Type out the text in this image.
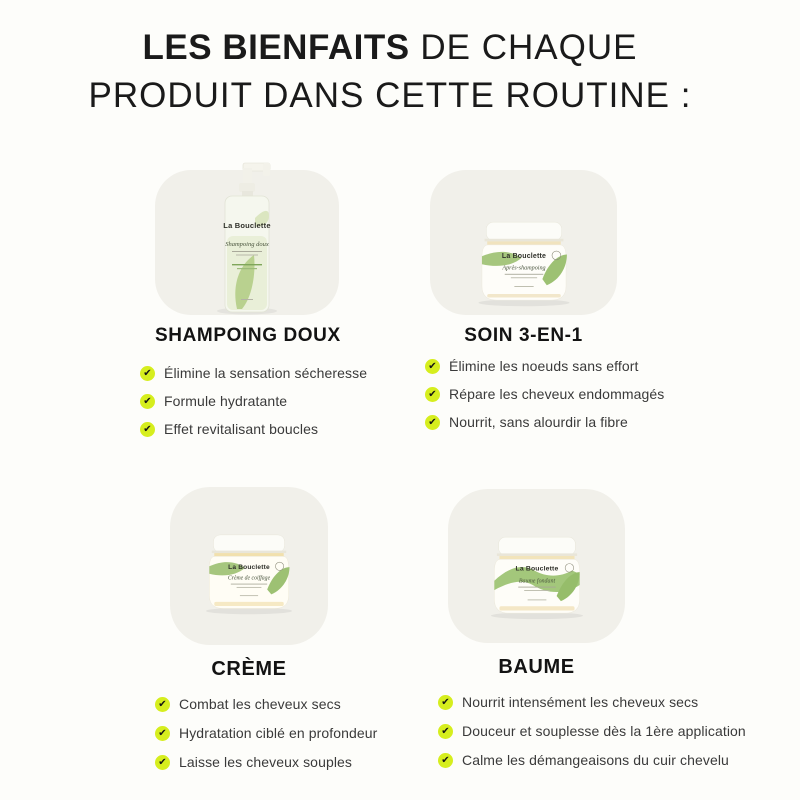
LES BIENFAITS DE CHAQUE
PRODUIT DANS CETTE ROUTINE :
La Bouclette
Shampoing doux
SHAMPOING DOUX
✔ Élimine la sensation sécheresse
✔ Formule hydratante
✔ Effet revitalisant boucles
La Bouclette
Après-shampoing
SOIN 3-EN-1
✔ Élimine les noeuds sans effort
✔ Répare les cheveux endommagés
✔ Nourrit, sans alourdir la fibre
La Bouclette
Crème de coiffage
CRÈME
✔ Combat les cheveux secs
✔ Hydratation ciblé en profondeur
✔ Laisse les cheveux souples
La Bouclette
Baume fondant
BAUME
✔ Nourrit intensément les cheveux secs
✔ Douceur et souplesse dès la 1ère application
✔ Calme les démangeaisons du cuir chevelu
